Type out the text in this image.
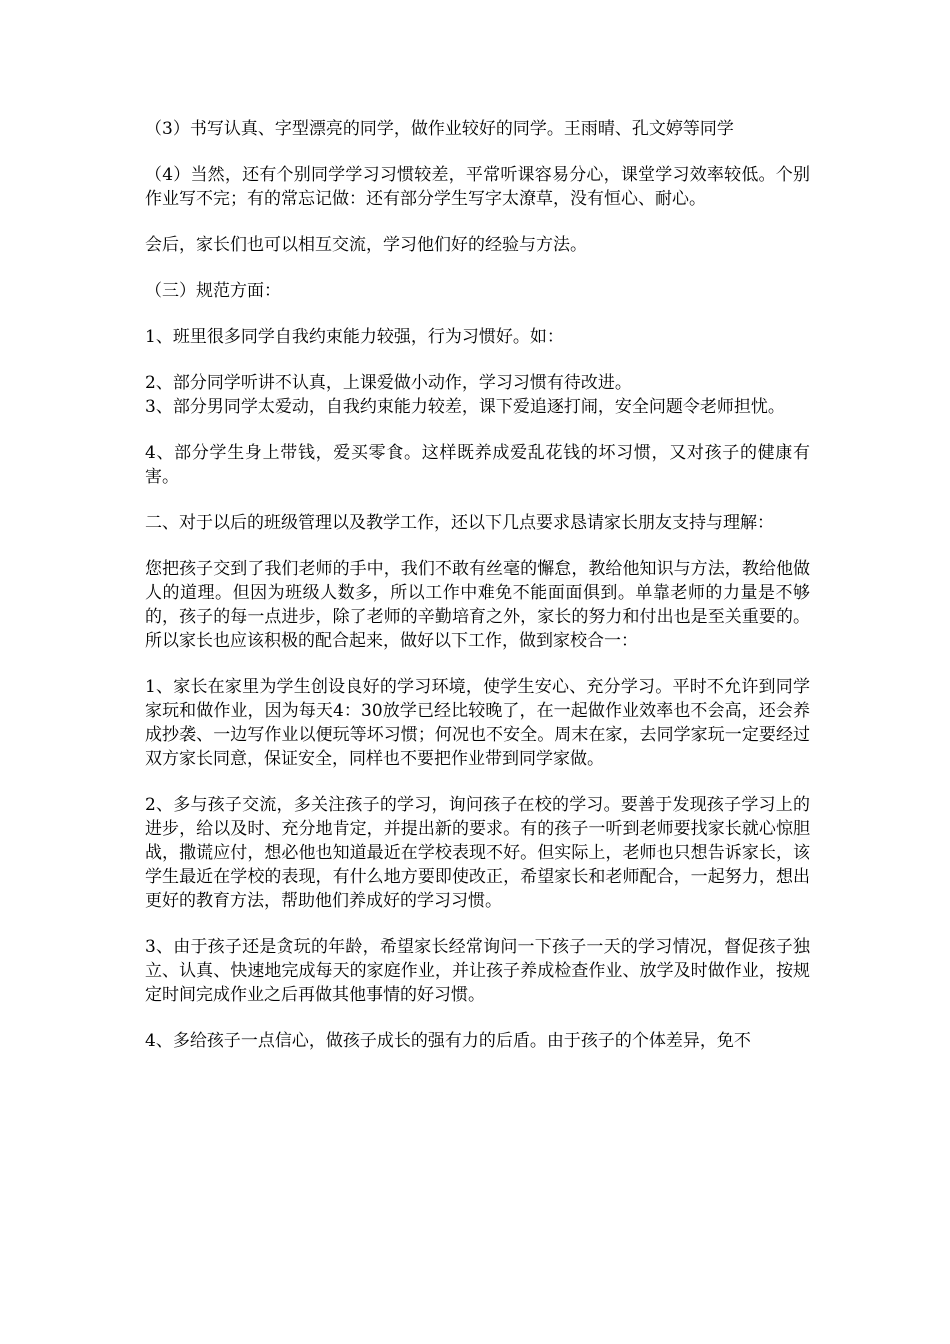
（3）书写认真、字型漂亮的同学，做作业较好的同学。王雨晴、孔文婷等同学

（4）当然，还有个别同学学习习惯较差，平常听课容易分心，课堂学习效率较低。个别作业写不完；有的常忘记做：还有部分学生写字太潦草，没有恒心、耐心。

会后，家长们也可以相互交流，学习他们好的经验与方法。

（三）规范方面：

1、班里很多同学自我约束能力较强，行为习惯好。如：

2、部分同学听讲不认真，上课爱做小动作，学习习惯有待改进。

3、部分男同学太爱动，自我约束能力较差，课下爱追逐打闹，安全问题令老师担忧。

4、部分学生身上带钱，爱买零食。这样既养成爱乱花钱的坏习惯，又对孩子的健康有害。

二、对于以后的班级管理以及教学工作，还以下几点要求恳请家长朋友支持与理解：

您把孩子交到了我们老师的手中，我们不敢有丝毫的懈怠，教给他知识与方法，教给他做人的道理。但因为班级人数多，所以工作中难免不能面面俱到。单靠老师的力量是不够的，孩子的每一点进步，除了老师的辛勤培育之外，家长的努力和付出也是至关重要的。所以家长也应该积极的配合起来，做好以下工作，做到家校合一：

1、家长在家里为学生创设良好的学习环境，使学生安心、充分学习。平时不允许到同学家玩和做作业，因为每天4：30放学已经比较晚了，在一起做作业效率也不会高，还会养成抄袭、一边写作业以便玩等坏习惯；何况也不安全。周末在家，去同学家玩一定要经过双方家长同意，保证安全，同样也不要把作业带到同学家做。

2、多与孩子交流，多关注孩子的学习，询问孩子在校的学习。要善于发现孩子学习上的进步，给以及时、充分地肯定，并提出新的要求。有的孩子一听到老师要找家长就心惊胆战，撒谎应付，想必他也知道最近在学校表现不好。但实际上，老师也只想告诉家长，该学生最近在学校的表现，有什么地方要即使改正，希望家长和老师配合，一起努力，想出更好的教育方法，帮助他们养成好的学习习惯。

3、由于孩子还是贪玩的年龄，希望家长经常询问一下孩子一天的学习情况，督促孩子独立、认真、快速地完成每天的家庭作业，并让孩子养成检查作业、放学及时做作业，按规定时间完成作业之后再做其他事情的好习惯。

4、多给孩子一点信心，做孩子成长的强有力的后盾。由于孩子的个体差异，免不
